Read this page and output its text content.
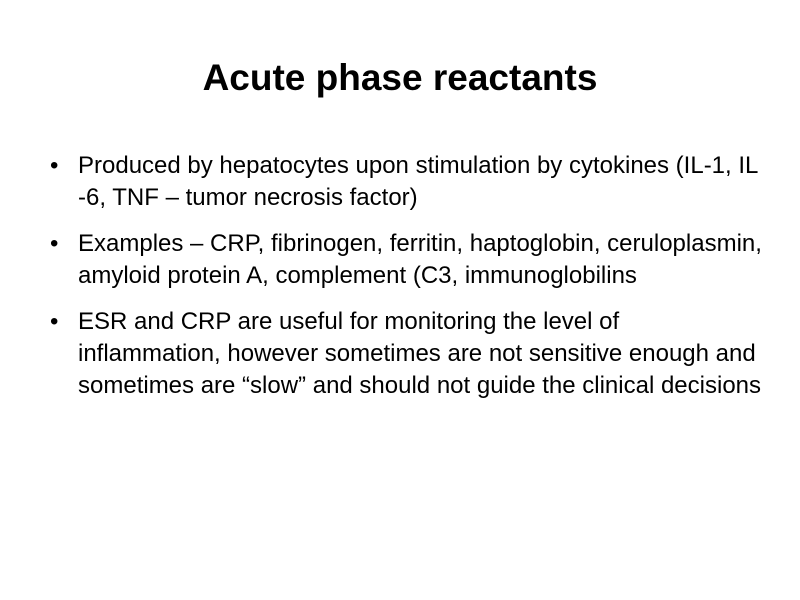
Acute phase reactants
• Produced by hepatocytes upon stimulation by cytokines (IL-1, IL -6, TNF – tumor necrosis factor)
• Examples – CRP, fibrinogen, ferritin, haptoglobin, ceruloplasmin, amyloid protein A, complement (C3, immunoglobilins
• ESR and CRP are useful for monitoring the level of inflammation, however sometimes are not sensitive enough and sometimes are “slow” and should not guide the clinical decisions
